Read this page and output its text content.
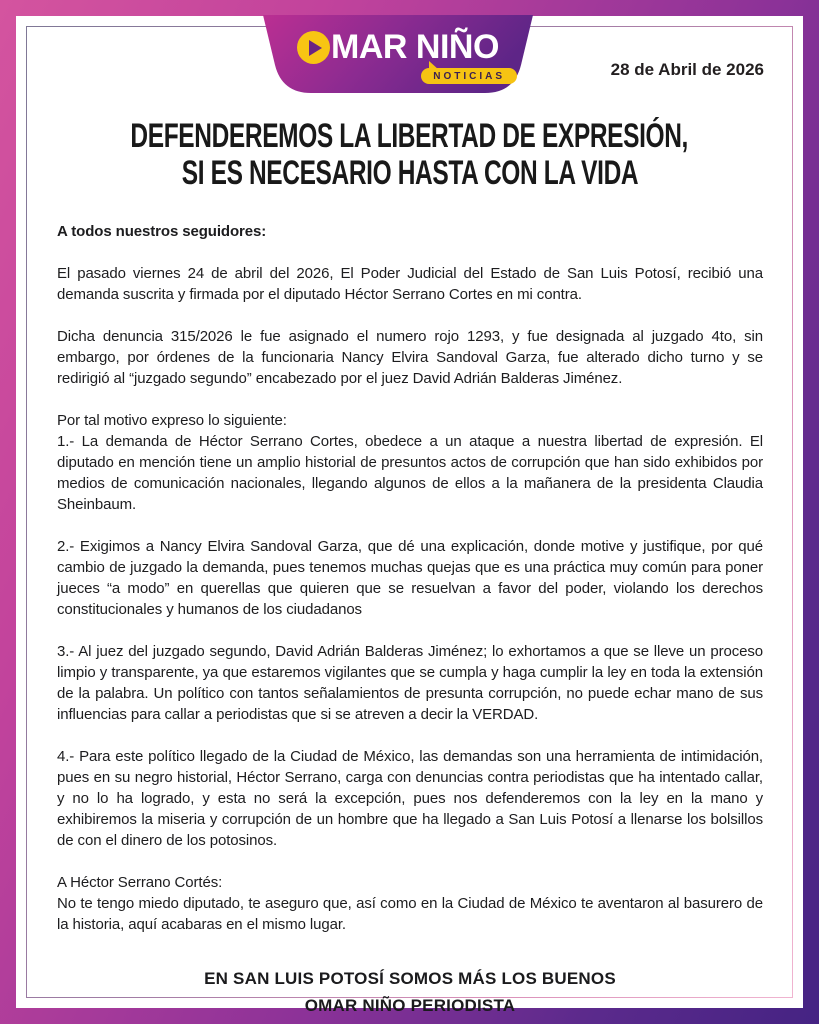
MAR NIÑO
NOTICIAS	28 de Abril de 2026
DEFENDEREMOS LA LIBERTAD DE EXPRESIÓN,
SI ES NECESARIO HASTA CON LA VIDA

A todos nuestros seguidores:

El pasado viernes 24 de abril del 2026, El Poder Judicial del Estado de San Luis Potosí, recibió una demanda suscrita y firmada por el diputado Héctor Serrano Cortes en mi contra.

Dicha denuncia 315/2026 le fue asignado el numero rojo 1293, y fue designada al juzgado 4to, sin embargo, por órdenes de la funcionaria Nancy Elvira Sandoval Garza, fue alterado dicho turno y se redirigió al “juzgado segundo” encabezado por el juez David Adrián Balderas Jiménez.

Por tal motivo expreso lo siguiente:
1.- La demanda de Héctor Serrano Cortes, obedece a un ataque a nuestra libertad de expresión. El diputado en mención tiene un amplio historial de presuntos actos de corrupción que han sido exhibidos por medios de comunicación nacionales, llegando algunos de ellos a la mañanera de la presidenta Claudia Sheinbaum.

2.- Exigimos a Nancy Elvira Sandoval Garza, que dé una explicación, donde motive y justifique, por qué cambio de juzgado la demanda, pues tenemos muchas quejas que es una práctica muy común para poner jueces “a modo” en querellas que quieren que se resuelvan a favor del poder, violando los derechos constitucionales y humanos de los ciudadanos

3.- Al juez del juzgado segundo, David Adrián Balderas Jiménez; lo exhortamos a que se lleve un proceso limpio y transparente, ya que estaremos vigilantes que se cumpla y haga cumplir la ley en toda la extensión de la palabra. Un político con tantos señalamientos de presunta corrupción, no puede echar mano de sus influencias para callar a periodistas que si se atreven a decir la VERDAD.

4.- Para este político llegado de la Ciudad de México, las demandas son una herramienta de intimidación, pues en su negro historial, Héctor Serrano, carga con denuncias contra periodistas que ha intentado callar, y no lo ha logrado, y esta no será la excepción, pues nos defenderemos con la ley en la mano y exhibiremos la miseria y corrupción de un hombre que ha llegado a San Luis Potosí a llenarse los bolsillos de con el dinero de los potosinos.

A Héctor Serrano Cortés:
No te tengo miedo diputado, te aseguro que, así como en la Ciudad de México te aventaron al basurero de la historia, aquí acabaras en el mismo lugar.

EN SAN LUIS POTOSÍ SOMOS MÁS LOS BUENOS
OMAR NIÑO PERIODISTA
